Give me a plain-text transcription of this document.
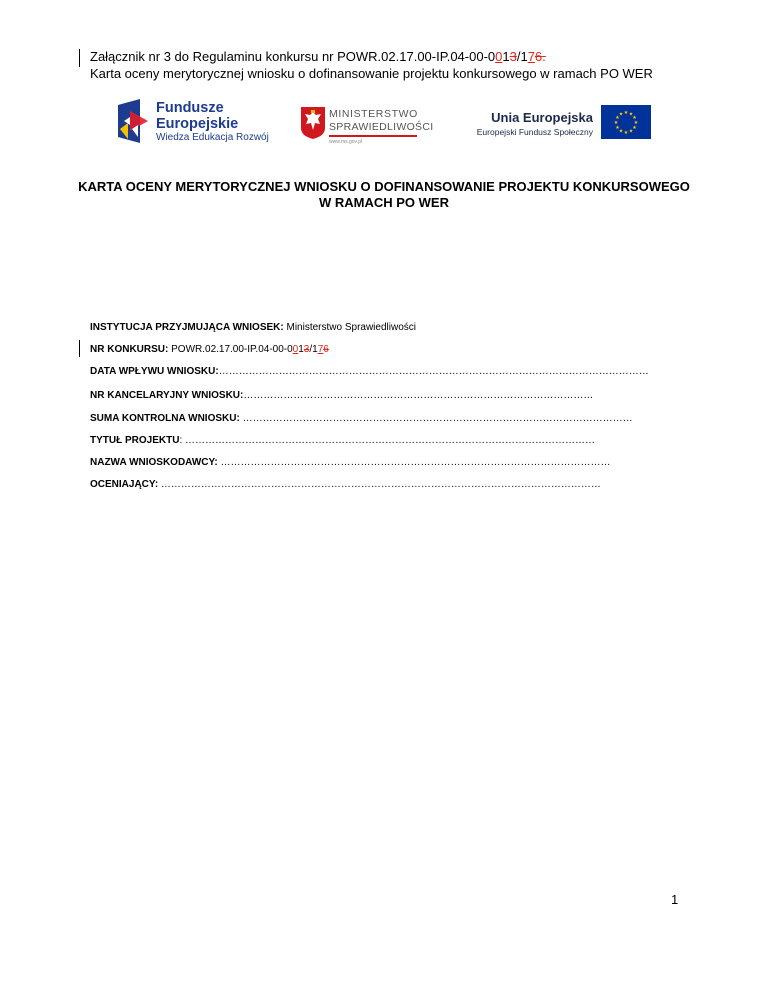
Załącznik nr 3 do Regulaminu konkursu nr POWR.02.17.00-IP.04-00-0013/176.
Karta oceny merytorycznej wniosku o dofinansowanie projektu konkursowego w ramach PO WER
Fundusze
Europejskie
Wiedza Edukacja Rozwój
MINISTERSTWO
SPRAWIEDLIWOŚCI
www.ms.gov.pl
Unia Europejska
Europejski Fundusz Społeczny
★ ★
★
★
★
★
★
★
★
★
★
★
KARTA OCENY MERYTORYCZNEJ WNIOSKU O DOFINANSOWANIE PROJEKTU KONKURSOWEGO
W RAMACH PO WER
INSTYTUCJA PRZYJMUJĄCA WNIOSEK: Ministerstwo Sprawiedliwości
NR KONKURSU: POWR.02.17.00-IP.04-00-0013/176
DATA WPŁYWU WNIOSKU:…………………………………………………………………………………………………………………
NR KANCELARYJNY WNIOSKU:……………………………………………………………………………………………
SUMA KONTROLNA WNIOSKU: ………………………………………………………………………………………………………
TYTUŁ PROJEKTU: ……………………………………………………………………………………………………………
NAZWA WNIOSKODAWCY: ………………………………………………………………………………………………………
OCENIAJĄCY: ……………………………………………………………………………………………………………………
1
